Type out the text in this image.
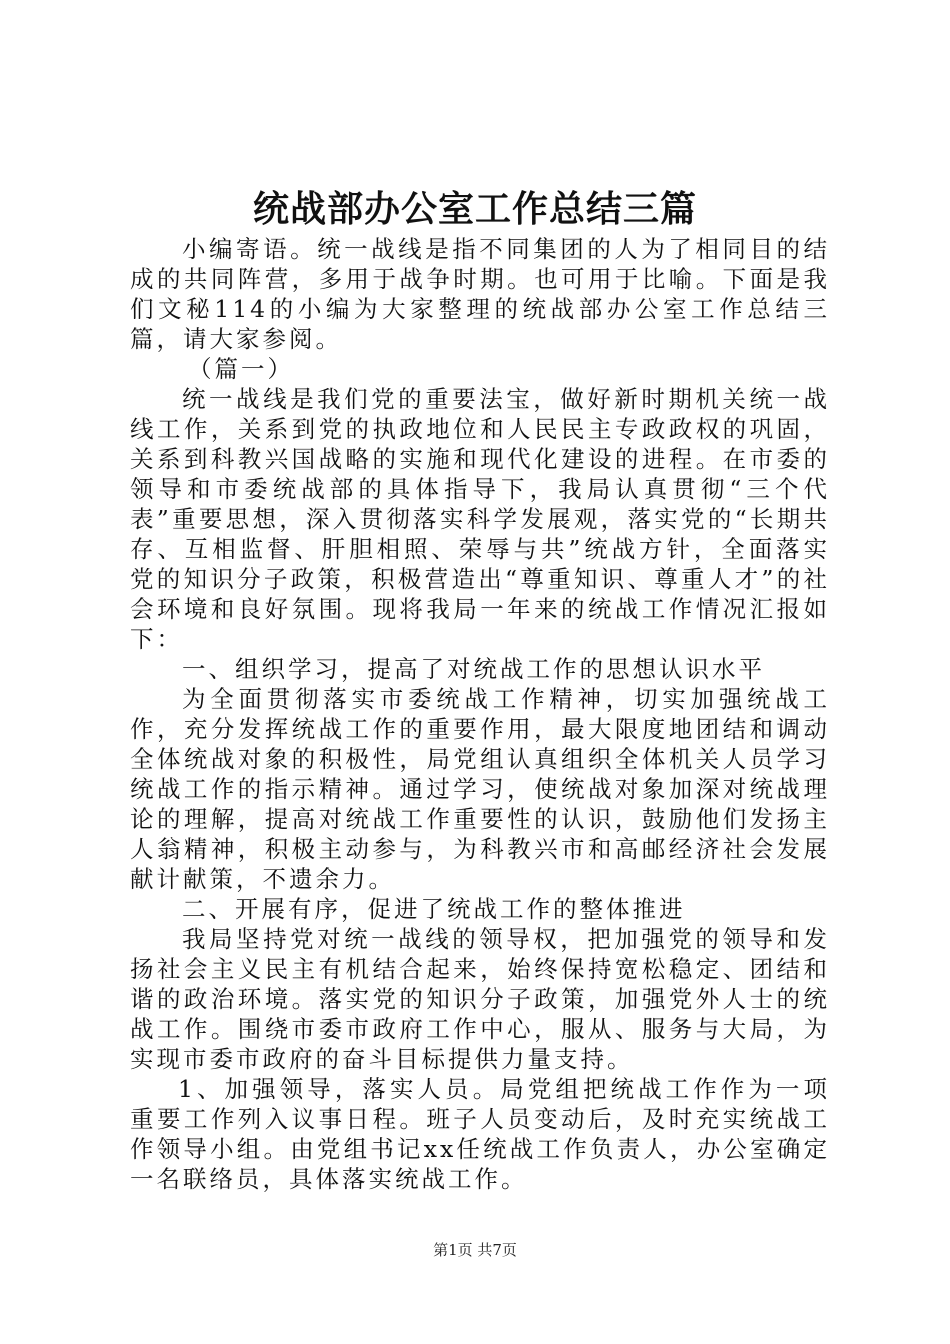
统战部办公室工作总结三篇

小编寄语。统一战线是指不同集团的人为了相同目的结成的共同阵营，多用于战争时期。也可用于比喻。下面是我们文秘114的小编为大家整理的统战部办公室工作总结三篇，请大家参阅。

（篇一）

统一战线是我们党的重要法宝，做好新时期机关统一战线工作，关系到党的执政地位和人民民主专政政权的巩固，关系到科教兴国战略的实施和现代化建设的进程。在市委的领导和市委统战部的具体指导下，我局认真贯彻“三个代表”重要思想，深入贯彻落实科学发展观，落实党的“长期共存、互相监督、肝胆相照、荣辱与共”统战方针，全面落实党的知识分子政策，积极营造出“尊重知识、尊重人才”的社会环境和良好氛围。现将我局一年来的统战工作情况汇报如下：

一、组织学习，提高了对统战工作的思想认识水平

为全面贯彻落实市委统战工作精神，切实加强统战工作，充分发挥统战工作的重要作用，最大限度地团结和调动全体统战对象的积极性，局党组认真组织全体机关人员学习统战工作的指示精神。通过学习，使统战对象加深对统战理论的理解，提高对统战工作重要性的认识，鼓励他们发扬主人翁精神，积极主动参与，为科教兴市和高邮经济社会发展献计献策，不遗余力。

二、开展有序，促进了统战工作的整体推进

我局坚持党对统一战线的领导权，把加强党的领导和发扬社会主义民主有机结合起来，始终保持宽松稳定、团结和谐的政治环境。落实党的知识分子政策，加强党外人士的统战工作。围绕市委市政府工作中心，服从、服务与大局，为实现市委市政府的奋斗目标提供力量支持。

1、加强领导，落实人员。局党组把统战工作作为一项重要工作列入议事日程。班子人员变动后，及时充实统战工作领导小组。由党组书记xx任统战工作负责人，办公室确定一名联络员，具体落实统战工作。

第1页 共7页
